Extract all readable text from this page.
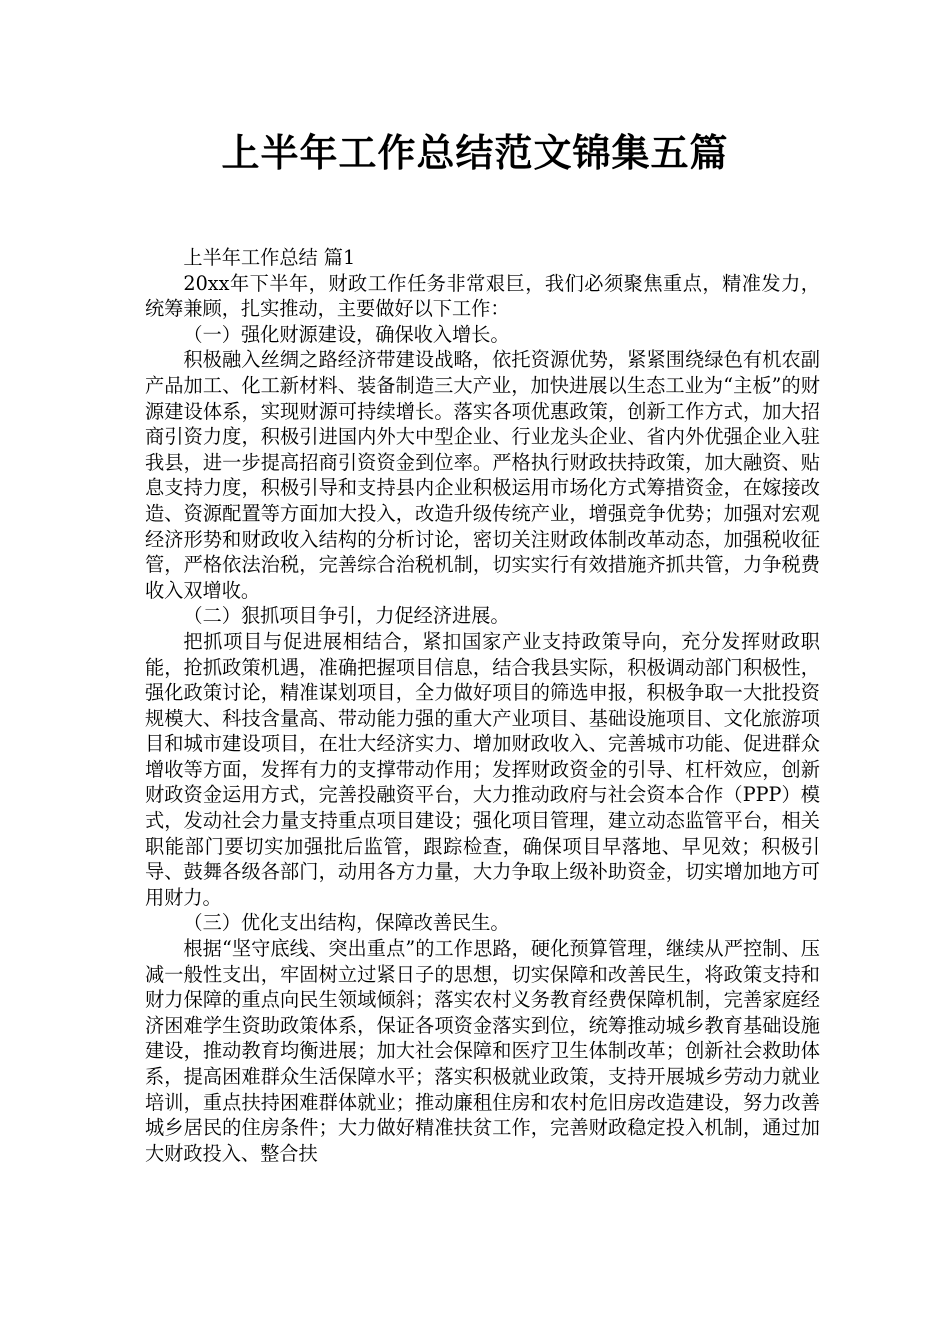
上半年工作总结范文锦集五篇

上半年工作总结 篇1

20xx年下半年，财政工作任务非常艰巨，我们必须聚焦重点，精准发力，统筹兼顾，扎实推动，主要做好以下工作：

（一）强化财源建设，确保收入增长。

积极融入丝绸之路经济带建设战略，依托资源优势，紧紧围绕绿色有机农副产品加工、化工新材料、装备制造三大产业，加快进展以生态工业为“主板”的财源建设体系，实现财源可持续增长。落实各项优惠政策，创新工作方式，加大招商引资力度，积极引进国内外大中型企业、行业龙头企业、省内外优强企业入驻我县，进一步提高招商引资资金到位率。严格执行财政扶持政策，加大融资、贴息支持力度，积极引导和支持县内企业积极运用市场化方式筹措资金，在嫁接改造、资源配置等方面加大投入，改造升级传统产业，增强竞争优势；加强对宏观经济形势和财政收入结构的分析讨论，密切关注财政体制改革动态，加强税收征管，严格依法治税，完善综合治税机制，切实实行有效措施齐抓共管，力争税费收入双增收。

（二）狠抓项目争引，力促经济进展。

把抓项目与促进展相结合，紧扣国家产业支持政策导向，充分发挥财政职能，抢抓政策机遇，准确把握项目信息，结合我县实际，积极调动部门积极性，强化政策讨论，精准谋划项目，全力做好项目的筛选申报，积极争取一大批投资规模大、科技含量高、带动能力强的重大产业项目、基础设施项目、文化旅游项目和城市建设项目，在壮大经济实力、增加财政收入、完善城市功能、促进群众增收等方面，发挥有力的支撑带动作用；发挥财政资金的引导、杠杆效应，创新财政资金运用方式，完善投融资平台，大力推动政府与社会资本合作（PPP）模式，发动社会力量支持重点项目建设；强化项目管理，建立动态监管平台，相关职能部门要切实加强批后监管，跟踪检查，确保项目早落地、早见效；积极引导、鼓舞各级各部门，动用各方力量，大力争取上级补助资金，切实增加地方可用财力。

（三）优化支出结构，保障改善民生。

根据“坚守底线、突出重点”的工作思路，硬化预算管理，继续从严控制、压减一般性支出，牢固树立过紧日子的思想，切实保障和改善民生，将政策支持和财力保障的重点向民生领域倾斜；落实农村义务教育经费保障机制，完善家庭经济困难学生资助政策体系，保证各项资金落实到位，统筹推动城乡教育基础设施建设，推动教育均衡进展；加大社会保障和医疗卫生体制改革；创新社会救助体系，提高困难群众生活保障水平；落实积极就业政策，支持开展城乡劳动力就业培训，重点扶持困难群体就业；推动廉租住房和农村危旧房改造建设，努力改善城乡居民的住房条件；大力做好精准扶贫工作，完善财政稳定投入机制，通过加大财政投入、整合扶
